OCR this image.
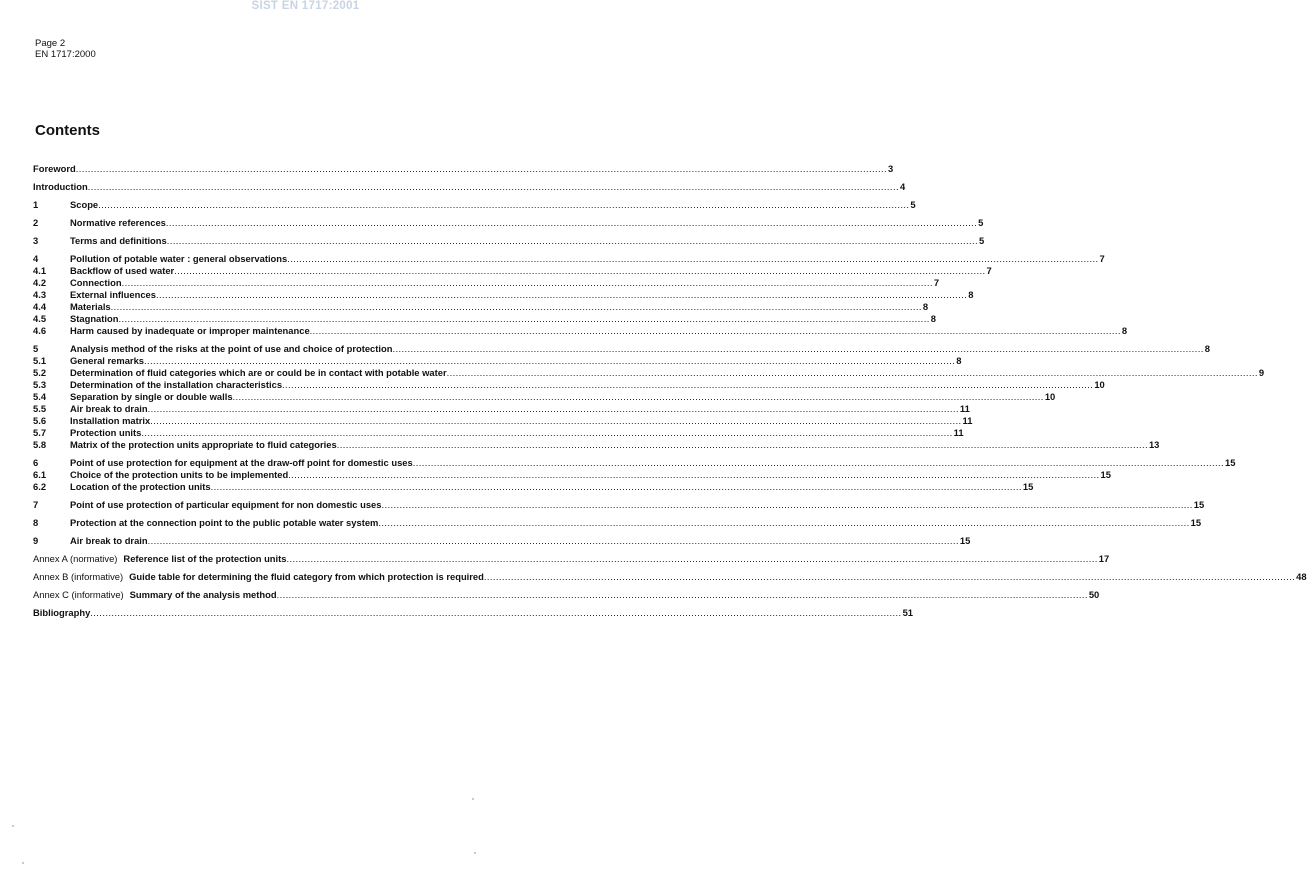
SIST EN 1717:2001
Page 2
EN 1717:2000
Contents
Foreword .....	3
Introduction .....	4
1	Scope .....	5
2	Normative references .....	5
3	Terms and definitions .....	5
4	Pollution of potable water : general observations .....	7
4.1	Backflow of used water .....	7
4.2	Connection .....	7
4.3	External influences .....	8
4.4	Materials .....	8
4.5	Stagnation .....	8
4.6	Harm caused by inadequate or improper maintenance .....	8
5	Analysis method of the risks at the point of use and choice of protection .....	8
5.1	General remarks .....	8
5.2	Determination of fluid categories which are or could be in contact with potable water .....	9
5.3	Determination of the installation characteristics .....	10
5.4	Separation by single or double walls .....	10
5.5	Air break to drain .....	11
5.6	Installation matrix .....	11
5.7	Protection units .....	11
5.8	Matrix of the protection units appropriate to fluid categories .....	13
6	Point of use protection for equipment at the draw-off point for domestic uses .....	15
6.1	Choice of the protection units to be implemented .....	15
6.2	Location of the protection units .....	15
7	Point of use protection of particular equipment for non domestic uses .....	15
8	Protection at the connection point to the public potable water system .....	15
9	Air break to drain .....	15
Annex A (normative) Reference list of the protection units .....	17
Annex B (informative) Guide table for determining the fluid category from which protection is required .....	48
Annex C (informative) Summary of the analysis method .....	50
Bibliography .....	51
